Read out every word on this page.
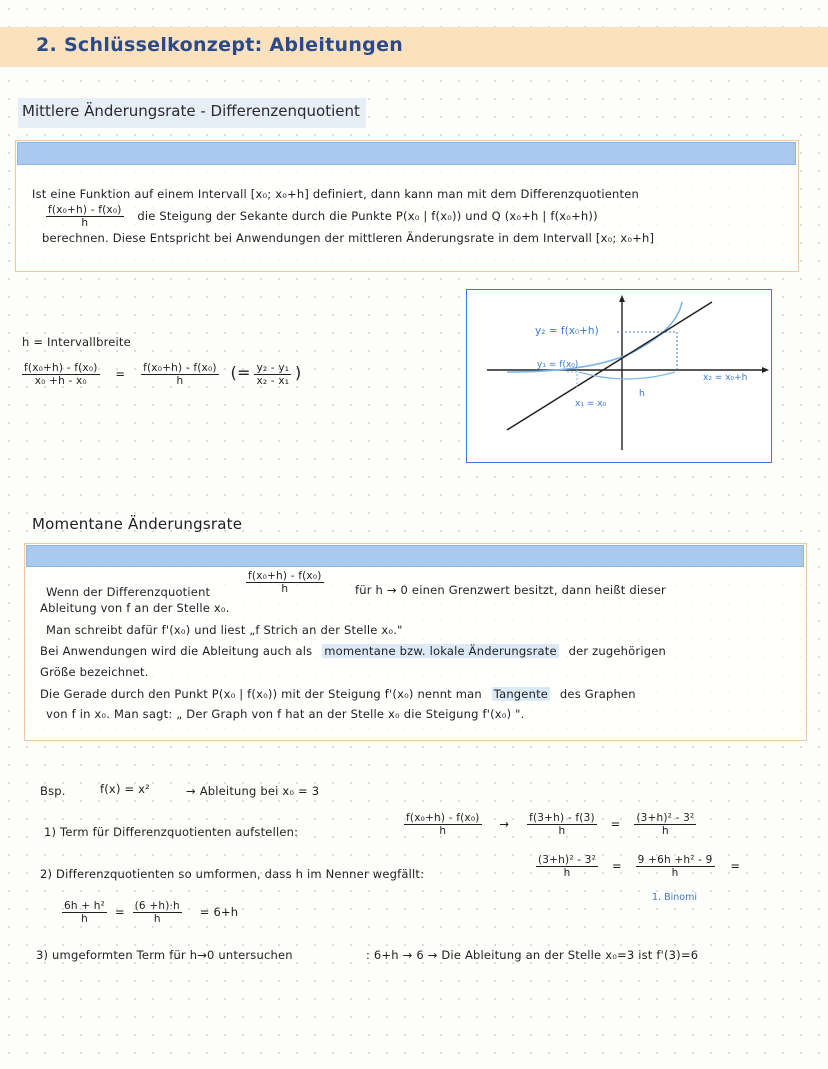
2. Schlüsselkonzept: Ableitungen
Mittlere Änderungsrate - Differenzenquotient
Ist eine Funktion auf einem Intervall [x₀; x₀+h] definiert, dann kann man mit dem Differenzquotienten
$\frac{\text{f(x₀+h) - f(x₀)}}{h}$ die Steigung der Sekante durch die Punkte P(x₀ | f(x₀)) und Q (x₀+h | f(x₀+h))
berechnen. Diese Entspricht bei Anwendungen der mittleren Änderungsrate in dem Intervall [x₀; x₀+h]
h = Intervallbreite
$\frac{\text{f(x₀+h) - f(x₀)}}{\text{x₀ +h - x₀}} = \frac{\text{f(x₀+h) - f(x₀)}}{h}$ (= $\frac{\text{y₂ - y₁}}{\text{x₂ - x₁}}$ )
y₂ = f(x₀+h)
y₁ = f(x₀)
x₂ = x₀+h
x₁ = x₀
h
Momentane Änderungsrate
$\frac{\text{f(x₀+h) - f(x₀)}}{h}$
Wenn der Differenzquotient	für h → 0 einen Grenzwert besitzt, dann heißt dieser
Ableitung von f an der Stelle x₀.
Man schreibt dafür f'(x₀) und liest „f Strich an der Stelle x₀."
Bei Anwendungen wird die Ableitung auch als momentane bzw. lokale Änderungsrate der zugehörigen
Größe bezeichnet.
Die Gerade durch den Punkt P(x₀ | f(x₀)) mit der Steigung f'(x₀) nennt man Tangente des Graphen
von f in x₀. Man sagt: „ Der Graph von f hat an der Stelle x₀ die Steigung f'(x₀) ".
Bsp.	f(x) = x²	→ Ableitung bei x₀ = 3
1) Term für Differenzquotienten aufstellen:	$\frac{\text{f(x₀+h) - f(x₀)}}{h} \to \frac{f(3+h) - f(3)}{h} = \frac{\text{(3+h)² - 3²}}{h}$
2) Differenzquotienten so umformen, dass h im Nenner wegfällt:	$\frac{\text{(3+h)² - 3²}}{h} = \frac{\text{9 +6h +h² - 9}}{h}$ =
1. Binomi
$\frac{\text{6h + h²}}{h} = \frac{(6 +h)\cdot h}{h} = 6+h$
3) umgeformten Term für h→0 untersuchen	: 6+h → 6 → Die Ableitung an der Stelle x₀=3 ist f'(3)=6
